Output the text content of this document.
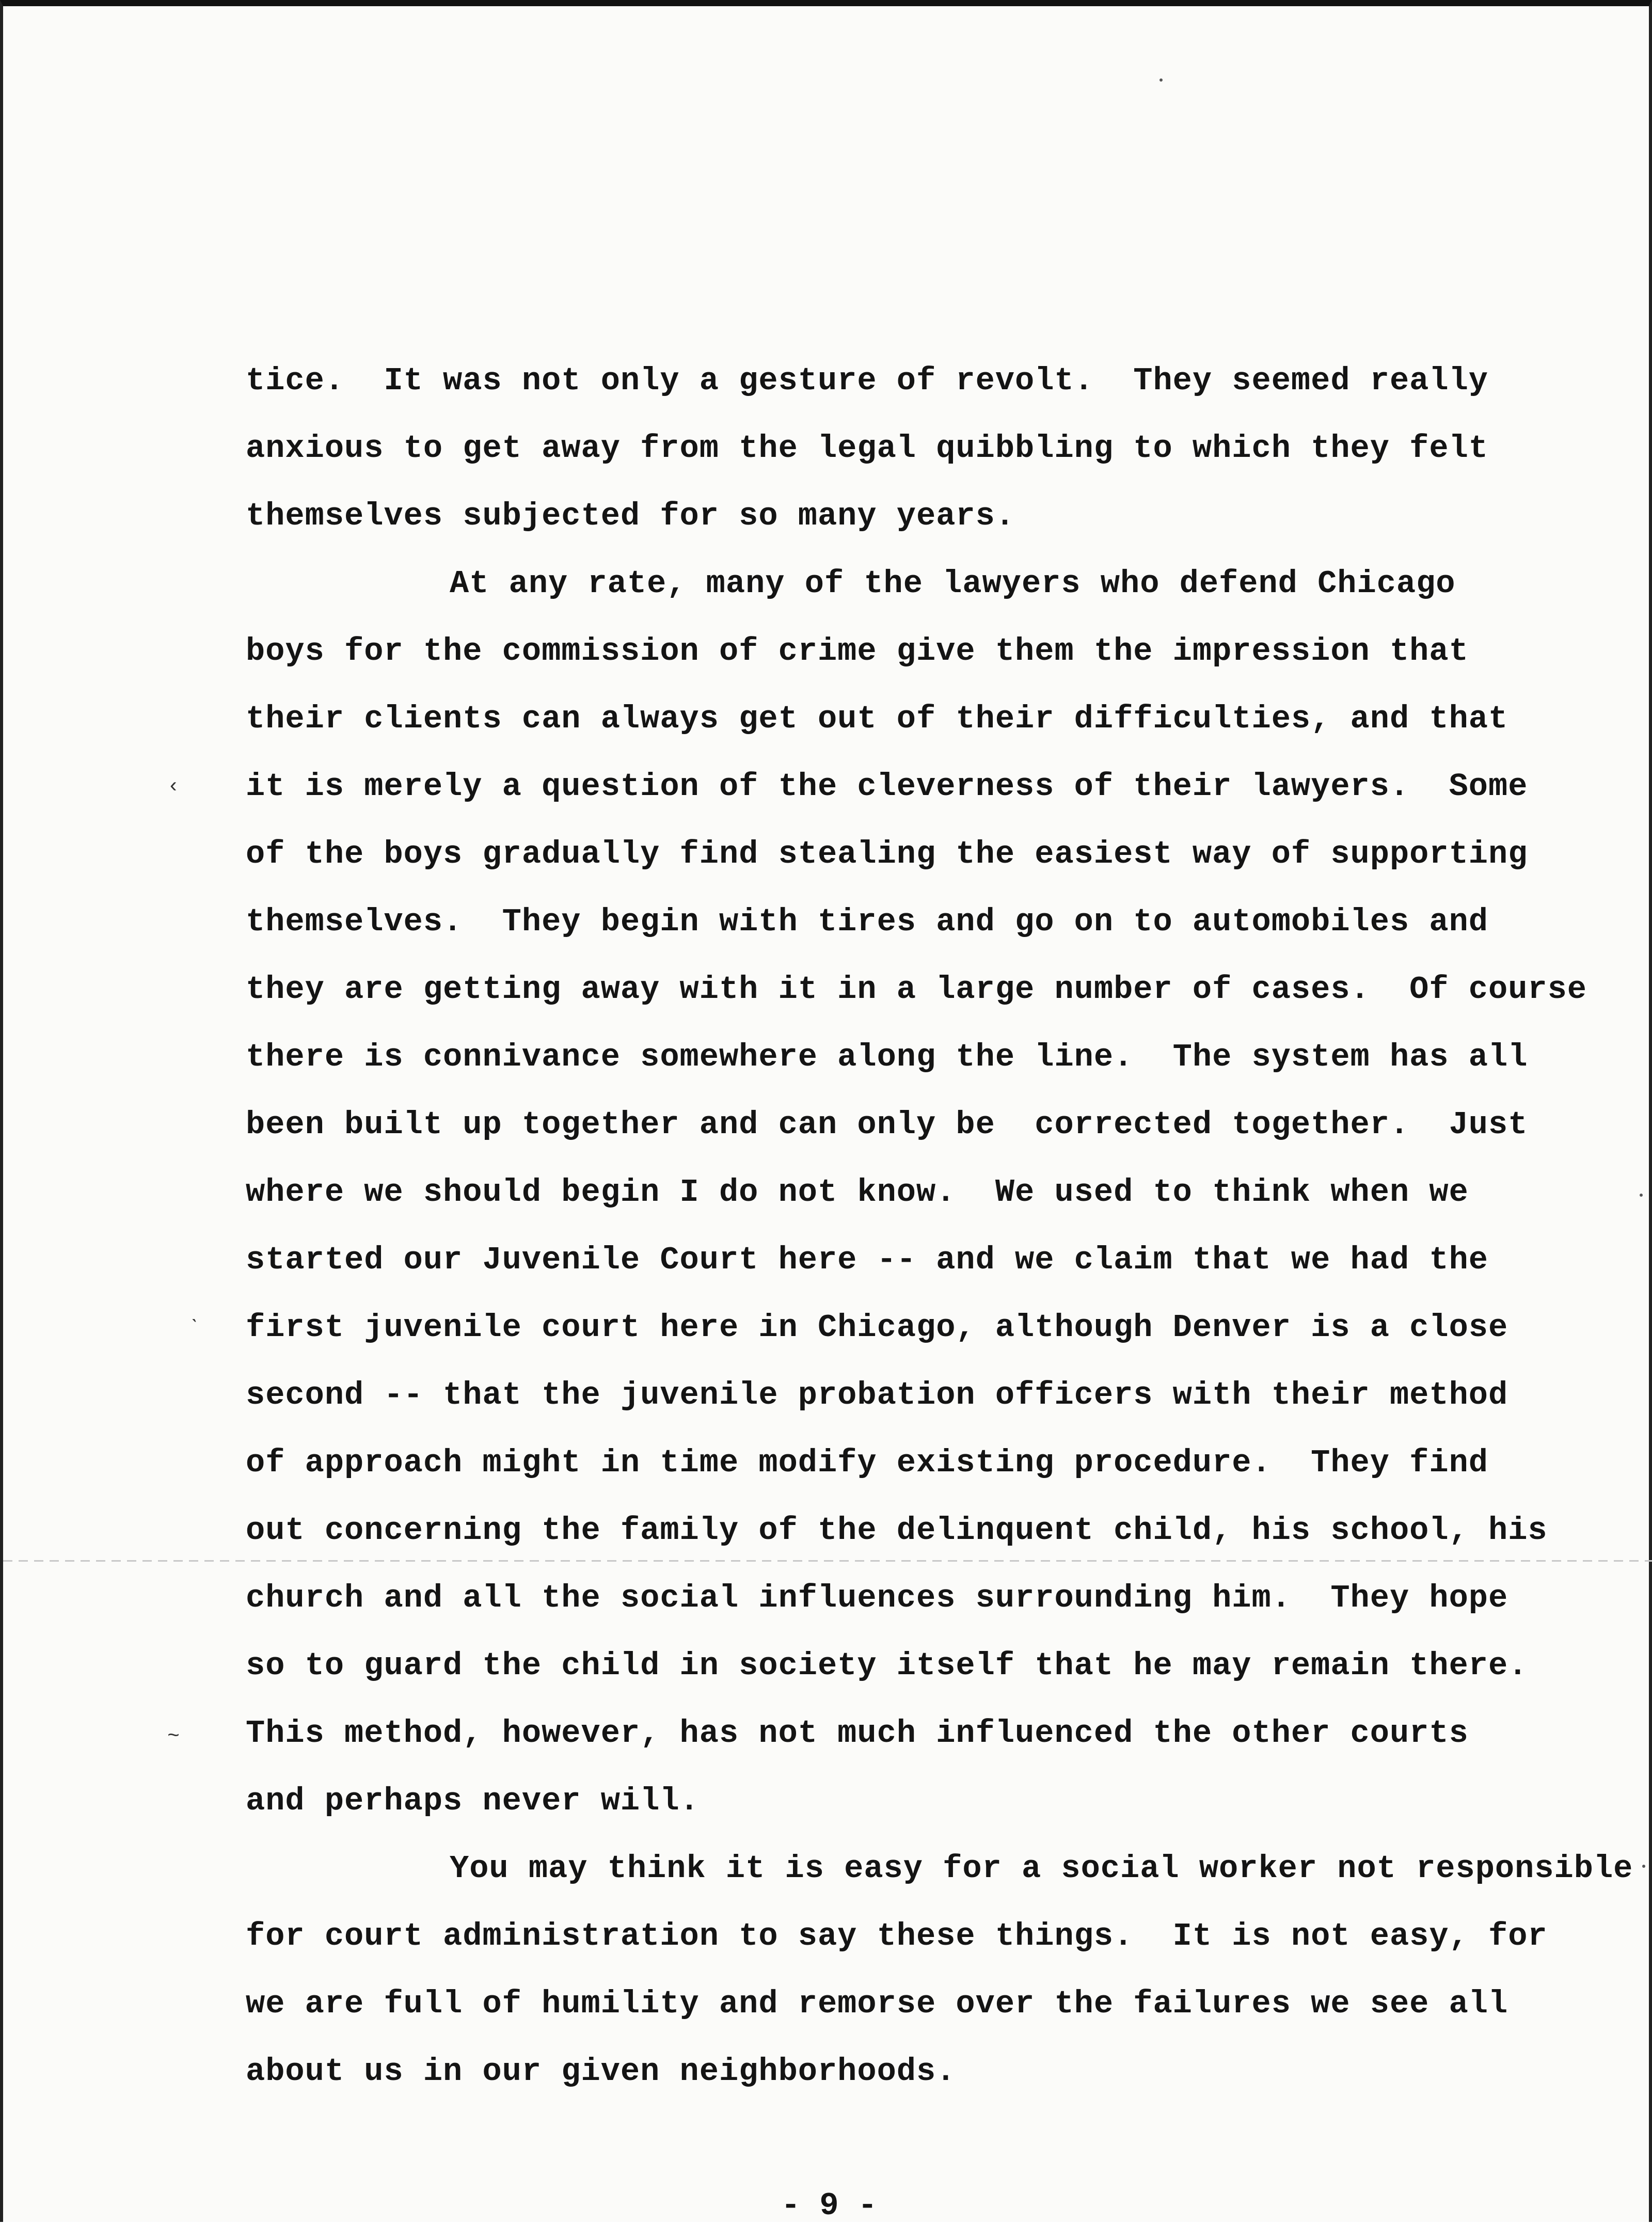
‹
ˋ
~
tice.  It was not only a gesture of revolt.  They seemed really
anxious to get away from the legal quibbling to which they felt
themselves subjected for so many years.
At any rate, many of the lawyers who defend Chicago
boys for the commission of crime give them the impression that
their clients can always get out of their difficulties, and that
it is merely a question of the cleverness of their lawyers.  Some
of the boys gradually find stealing the easiest way of supporting
themselves.  They begin with tires and go on to automobiles and
they are getting away with it in a large number of cases.  Of course
there is connivance somewhere along the line.  The system has all
been built up together and can only be  corrected together.  Just
where we should begin I do not know.  We used to think when we
started our Juvenile Court here -- and we claim that we had the
first juvenile court here in Chicago, although Denver is a close
second -- that the juvenile probation officers with their method
of approach might in time modify existing procedure.  They find
out concerning the family of the delinquent child, his school, his
church and all the social influences surrounding him.  They hope
so to guard the child in society itself that he may remain there.
This method, however, has not much influenced the other courts
and perhaps never will.
You may think it is easy for a social worker not responsible
for court administration to say these things.  It is not easy, for
we are full of humility and remorse over the failures we see all
about us in our given neighborhoods.
- 9 -
